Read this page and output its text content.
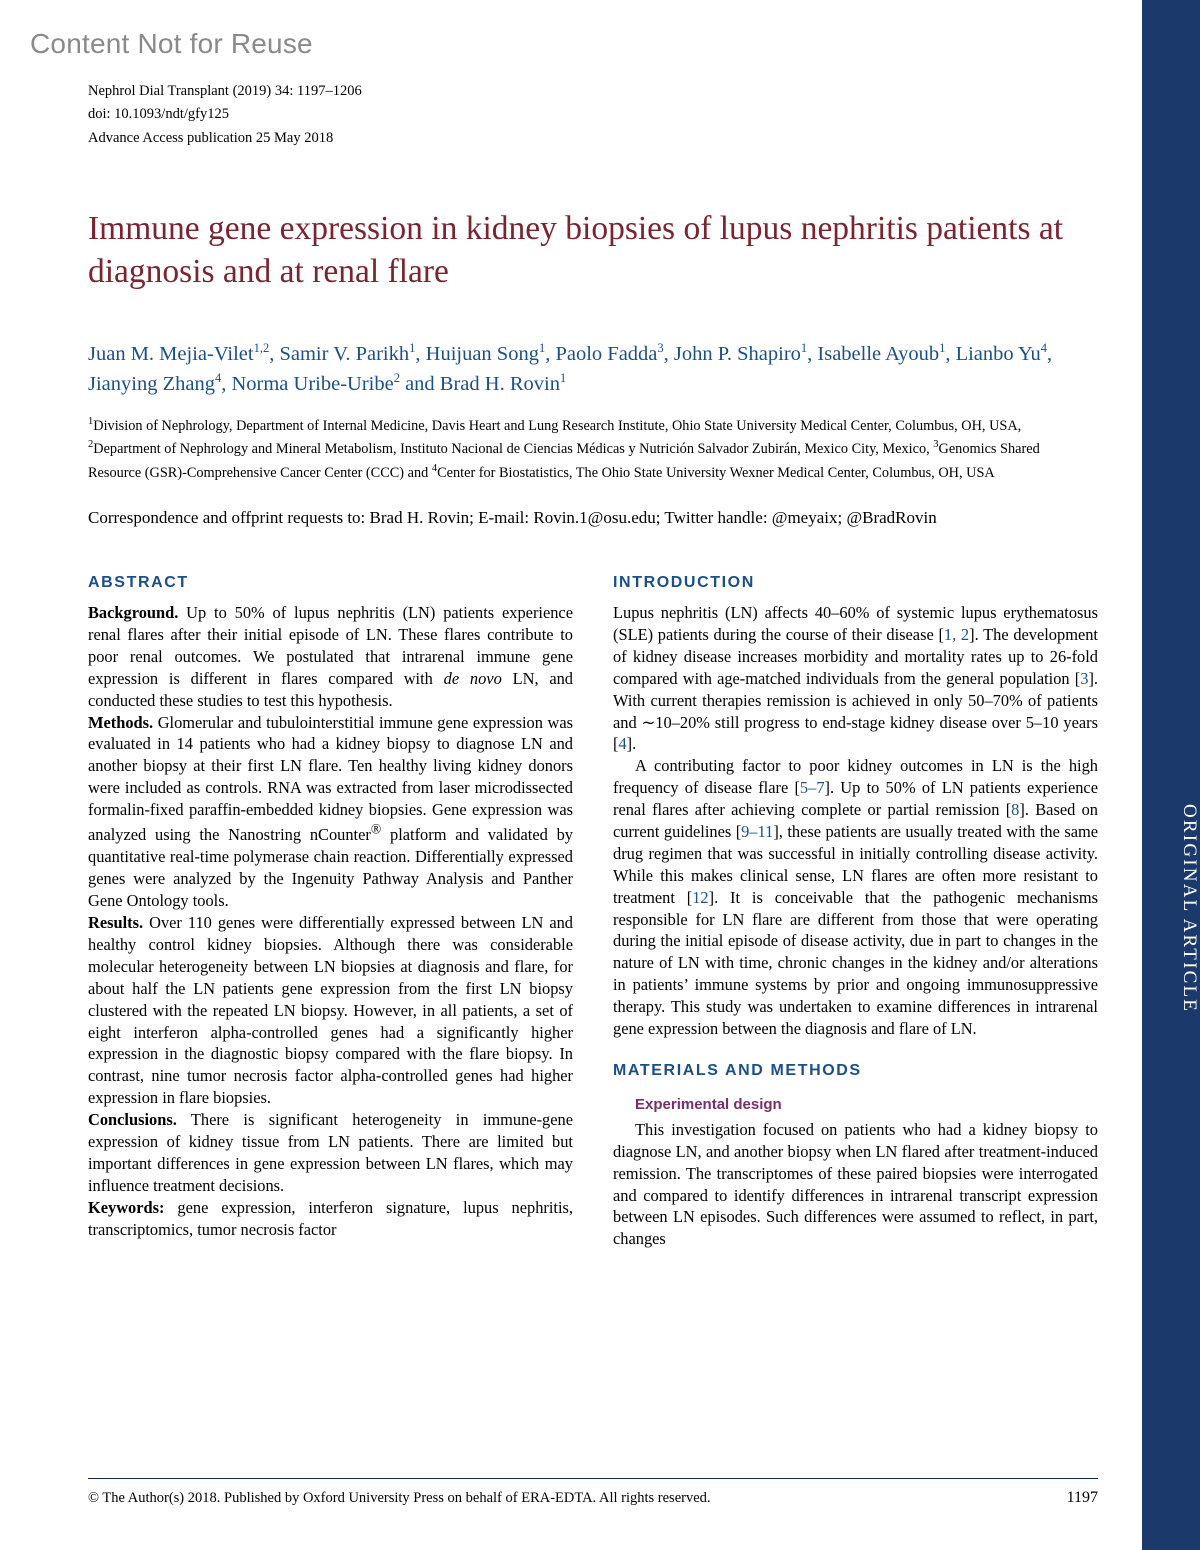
Content Not for Reuse
ORIGINAL ARTICLE
Nephrol Dial Transplant (2019) 34: 1197–1206
doi: 10.1093/ndt/gfy125
Advance Access publication 25 May 2018
Immune gene expression in kidney biopsies of lupus nephritis patients at diagnosis and at renal flare
Juan M. Mejia-Vilet$^{1,2}$, Samir V. Parikh$^1$, Huijuan Song$^1$, Paolo Fadda$^3$, John P. Shapiro$^1$, Isabelle Ayoub$^1$, Lianbo Yu$^4$, Jianying Zhang$^4$, Norma Uribe-Uribe$^2$ and Brad H. Rovin$^1$
$^1$Division of Nephrology, Department of Internal Medicine, Davis Heart and Lung Research Institute, Ohio State University Medical Center, Columbus, OH, USA, $^2$Department of Nephrology and Mineral Metabolism, Instituto Nacional de Ciencias Médicas y Nutrición Salvador Zubirán, Mexico City, Mexico, $^3$Genomics Shared Resource (GSR)-Comprehensive Cancer Center (CCC) and $^4$Center for Biostatistics, The Ohio State University Wexner Medical Center, Columbus, OH, USA
Correspondence and offprint requests to: Brad H. Rovin; E-mail: Rovin.1@osu.edu; Twitter handle: @meyaix; @BradRovin
ABSTRACT

Background. Up to 50% of lupus nephritis (LN) patients experience renal flares after their initial episode of LN. These flares contribute to poor renal outcomes. We postulated that intrarenal immune gene expression is different in flares compared with de novo LN, and conducted these studies to test this hypothesis.

Methods. Glomerular and tubulointerstitial immune gene expression was evaluated in 14 patients who had a kidney biopsy to diagnose LN and another biopsy at their first LN flare. Ten healthy living kidney donors were included as controls. RNA was extracted from laser microdissected formalin-fixed paraffin-embedded kidney biopsies. Gene expression was analyzed using the Nanostring nCounter® platform and validated by quantitative real-time polymerase chain reaction. Differentially expressed genes were analyzed by the Ingenuity Pathway Analysis and Panther Gene Ontology tools.

Results. Over 110 genes were differentially expressed between LN and healthy control kidney biopsies. Although there was considerable molecular heterogeneity between LN biopsies at diagnosis and flare, for about half the LN patients gene expression from the first LN biopsy clustered with the repeated LN biopsy. However, in all patients, a set of eight interferon alpha-controlled genes had a significantly higher expression in the diagnostic biopsy compared with the flare biopsy. In contrast, nine tumor necrosis factor alpha-controlled genes had higher expression in flare biopsies.

Conclusions. There is significant heterogeneity in immune-gene expression of kidney tissue from LN patients. There are limited but important differences in gene expression between LN flares, which may influence treatment decisions.

Keywords: gene expression, interferon signature, lupus nephritis, transcriptomics, tumor necrosis factor

INTRODUCTION

Lupus nephritis (LN) affects 40–60% of systemic lupus erythematosus (SLE) patients during the course of their disease [1, 2]. The development of kidney disease increases morbidity and mortality rates up to 26-fold compared with age-matched individuals from the general population [3]. With current therapies remission is achieved in only 50–70% of patients and ∼10–20% still progress to end-stage kidney disease over 5–10 years [4].

A contributing factor to poor kidney outcomes in LN is the high frequency of disease flare [5–7]. Up to 50% of LN patients experience renal flares after achieving complete or partial remission [8]. Based on current guidelines [9–11], these patients are usually treated with the same drug regimen that was successful in initially controlling disease activity. While this makes clinical sense, LN flares are often more resistant to treatment [12]. It is conceivable that the pathogenic mechanisms responsible for LN flare are different from those that were operating during the initial episode of disease activity, due in part to changes in the nature of LN with time, chronic changes in the kidney and/or alterations in patients’ immune systems by prior and ongoing immunosuppressive therapy. This study was undertaken to examine differences in intrarenal gene expression between the diagnosis and flare of LN.

MATERIALS AND METHODS
Experimental design

This investigation focused on patients who had a kidney biopsy to diagnose LN, and another biopsy when LN flared after treatment-induced remission. The transcriptomes of these paired biopsies were interrogated and compared to identify differences in intrarenal transcript expression between LN episodes. Such differences were assumed to reflect, in part, changes

© The Author(s) 2018. Published by Oxford University Press on behalf of ERA-EDTA. All rights reserved.	1197
